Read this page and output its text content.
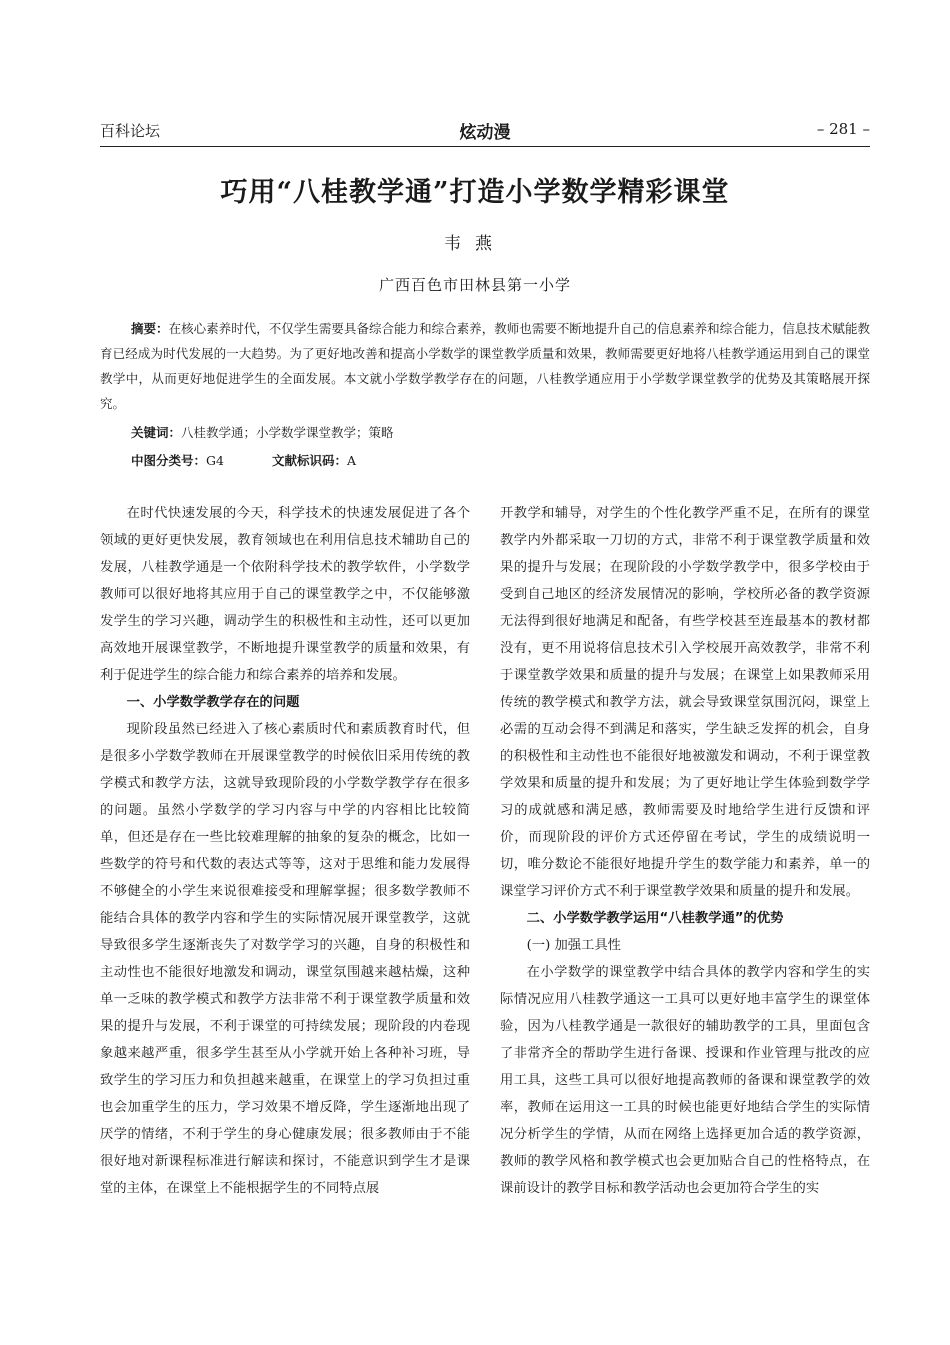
百科论坛	炫动漫	– 281 –
巧用“八桂教学通”打造小学数学精彩课堂
韦燕
广西百色市田林县第一小学
摘要：在核心素养时代，不仅学生需要具备综合能力和综合素养，教师也需要不断地提升自己的信息素养和综合能力，信息技术赋能教育已经成为时代发展的一大趋势。为了更好地改善和提高小学数学的课堂教学质量和效果，教师需要更好地将八桂教学通运用到自己的课堂教学中，从而更好地促进学生的全面发展。本文就小学数学教学存在的问题，八桂教学通应用于小学数学课堂教学的优势及其策略展开探究。
关键词：八桂教学通；小学数学课堂教学；策略
中图分类号：G4	文献标识码：A

在时代快速发展的今天，科学技术的快速发展促进了各个领域的更好更快发展，教育领域也在利用信息技术辅助自己的发展，八桂教学通是一个依附科学技术的教学软件，小学数学教师可以很好地将其应用于自己的课堂教学之中，不仅能够激发学生的学习兴趣，调动学生的积极性和主动性，还可以更加高效地开展课堂教学，不断地提升课堂教学的质量和效果，有利于促进学生的综合能力和综合素养的培养和发展。

一、小学数学教学存在的问题

现阶段虽然已经进入了核心素质时代和素质教育时代，但是很多小学数学教师在开展课堂教学的时候依旧采用传统的教学模式和教学方法，这就导致现阶段的小学数学教学存在很多的问题。虽然小学数学的学习内容与中学的内容相比比较简单，但还是存在一些比较难理解的抽象的复杂的概念，比如一些数学的符号和代数的表达式等等，这对于思维和能力发展得不够健全的小学生来说很难接受和理解掌握；很多数学教师不能结合具体的教学内容和学生的实际情况展开课堂教学，这就导致很多学生逐渐丧失了对数学学习的兴趣，自身的积极性和主动性也不能很好地激发和调动，课堂氛围越来越枯燥，这种单一乏味的教学模式和教学方法非常不利于课堂教学质量和效果的提升与发展，不利于课堂的可持续发展；现阶段的内卷现象越来越严重，很多学生甚至从小学就开始上各种补习班，导致学生的学习压力和负担越来越重，在课堂上的学习负担过重也会加重学生的压力，学习效果不增反降，学生逐渐地出现了厌学的情绪，不利于学生的身心健康发展；很多教师由于不能很好地对新课程标准进行解读和探讨，不能意识到学生才是课堂的主体，在课堂上不能根据学生的不同特点展

开教学和辅导，对学生的个性化教学严重不足，在所有的课堂教学内外都采取一刀切的方式，非常不利于课堂教学质量和效果的提升与发展；在现阶段的小学数学教学中，很多学校由于受到自己地区的经济发展情况的影响，学校所必备的教学资源无法得到很好地满足和配备，有些学校甚至连最基本的教材都没有，更不用说将信息技术引入学校展开高效教学，非常不利于课堂教学效果和质量的提升与发展；在课堂上如果教师采用传统的教学模式和教学方法，就会导致课堂氛围沉闷，课堂上必需的互动会得不到满足和落实，学生缺乏发挥的机会，自身的积极性和主动性也不能很好地被激发和调动，不利于课堂教学效果和质量的提升和发展；为了更好地让学生体验到数学学习的成就感和满足感，教师需要及时地给学生进行反馈和评价，而现阶段的评价方式还停留在考试，学生的成绩说明一切，唯分数论不能很好地提升学生的数学能力和素养，单一的课堂学习评价方式不利于课堂教学效果和质量的提升和发展。

二、小学数学教学运用“八桂教学通”的优势
(一) 加强工具性

在小学数学的课堂教学中结合具体的教学内容和学生的实际情况应用八桂教学通这一工具可以更好地丰富学生的课堂体验，因为八桂教学通是一款很好的辅助教学的工具，里面包含了非常齐全的帮助学生进行备课、授课和作业管理与批改的应用工具，这些工具可以很好地提高教师的备课和课堂教学的效率，教师在运用这一工具的时候也能更好地结合学生的实际情况分析学生的学情，从而在网络上选择更加合适的教学资源，教师的教学风格和教学模式也会更加贴合自己的性格特点，在课前设计的教学目标和教学活动也会更加符合学生的实
